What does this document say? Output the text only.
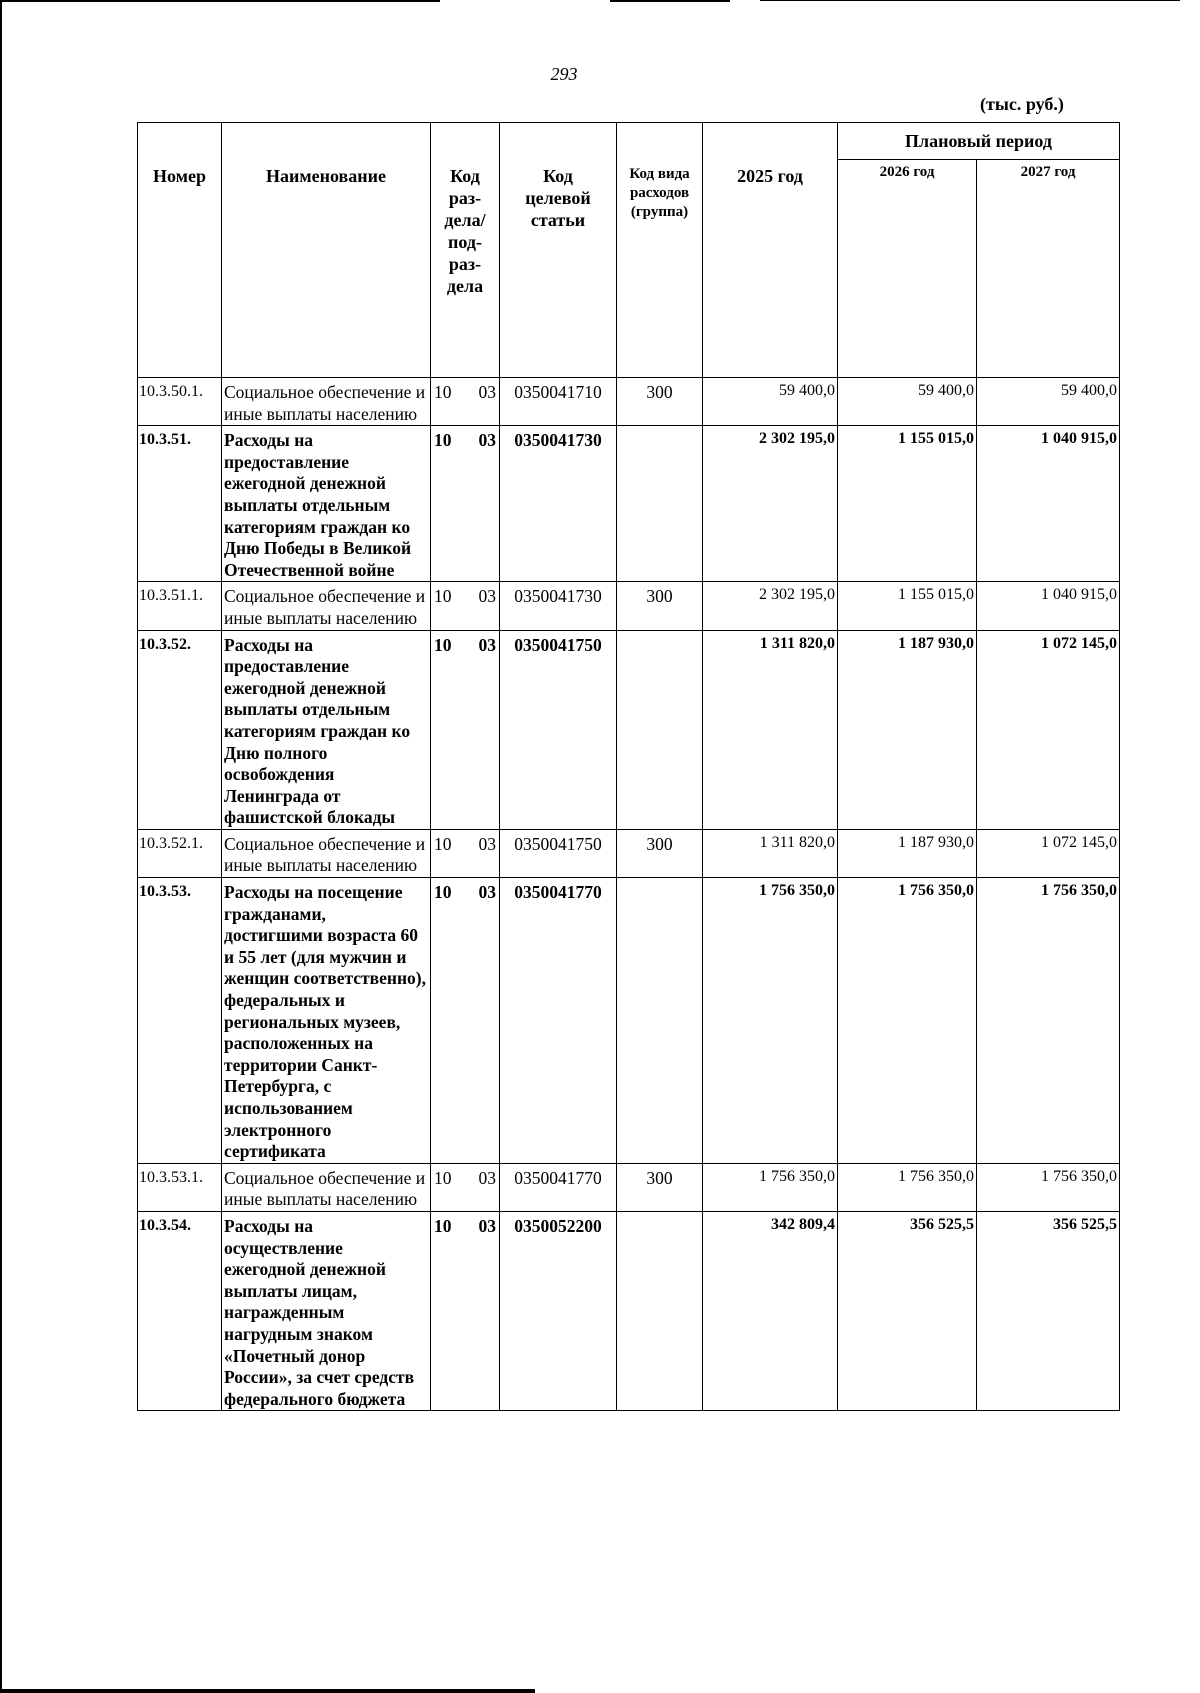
293
(тыс. руб.)
Номер	Наименование	Код раз-дела/ под-раз-дела	Код целевой статьи	Код вида расходов (группа)	2025 год	Плановый период	
						2026 год	2027 год
10.3.50.1.	Социальное обеспечение и иные выплаты населению	10 03	0350041710	300	59 400,0	59 400,0	59 400,0
10.3.51.	Расходы на предоставление ежегодной денежной выплаты отдельным категориям граждан ко Дню Победы в Великой Отечественной войне	10 03	0350041730		2 302 195,0	1 155 015,0	1 040 915,0
10.3.51.1.	Социальное обеспечение и иные выплаты населению	10 03	0350041730	300	2 302 195,0	1 155 015,0	1 040 915,0
10.3.52.	Расходы на предоставление ежегодной денежной выплаты отдельным категориям граждан ко Дню полного освобождения Ленинграда от фашистской блокады	10 03	0350041750		1 311 820,0	1 187 930,0	1 072 145,0
10.3.52.1.	Социальное обеспечение и иные выплаты населению	10 03	0350041750	300	1 311 820,0	1 187 930,0	1 072 145,0
10.3.53.	Расходы на посещение гражданами, достигшими возраста 60 и 55 лет (для мужчин и женщин соответственно), федеральных и региональных музеев, расположенных на территории Санкт-Петербурга, с использованием электронного сертификата	10 03	0350041770		1 756 350,0	1 756 350,0	1 756 350,0
10.3.53.1.	Социальное обеспечение и иные выплаты населению	10 03	0350041770	300	1 756 350,0	1 756 350,0	1 756 350,0
10.3.54.	Расходы на осуществление ежегодной денежной выплаты лицам, награжденным нагрудным знаком «Почетный донор России», за счет средств федерального бюджета	10 03	0350052200		342 809,4	356 525,5	356 525,5
